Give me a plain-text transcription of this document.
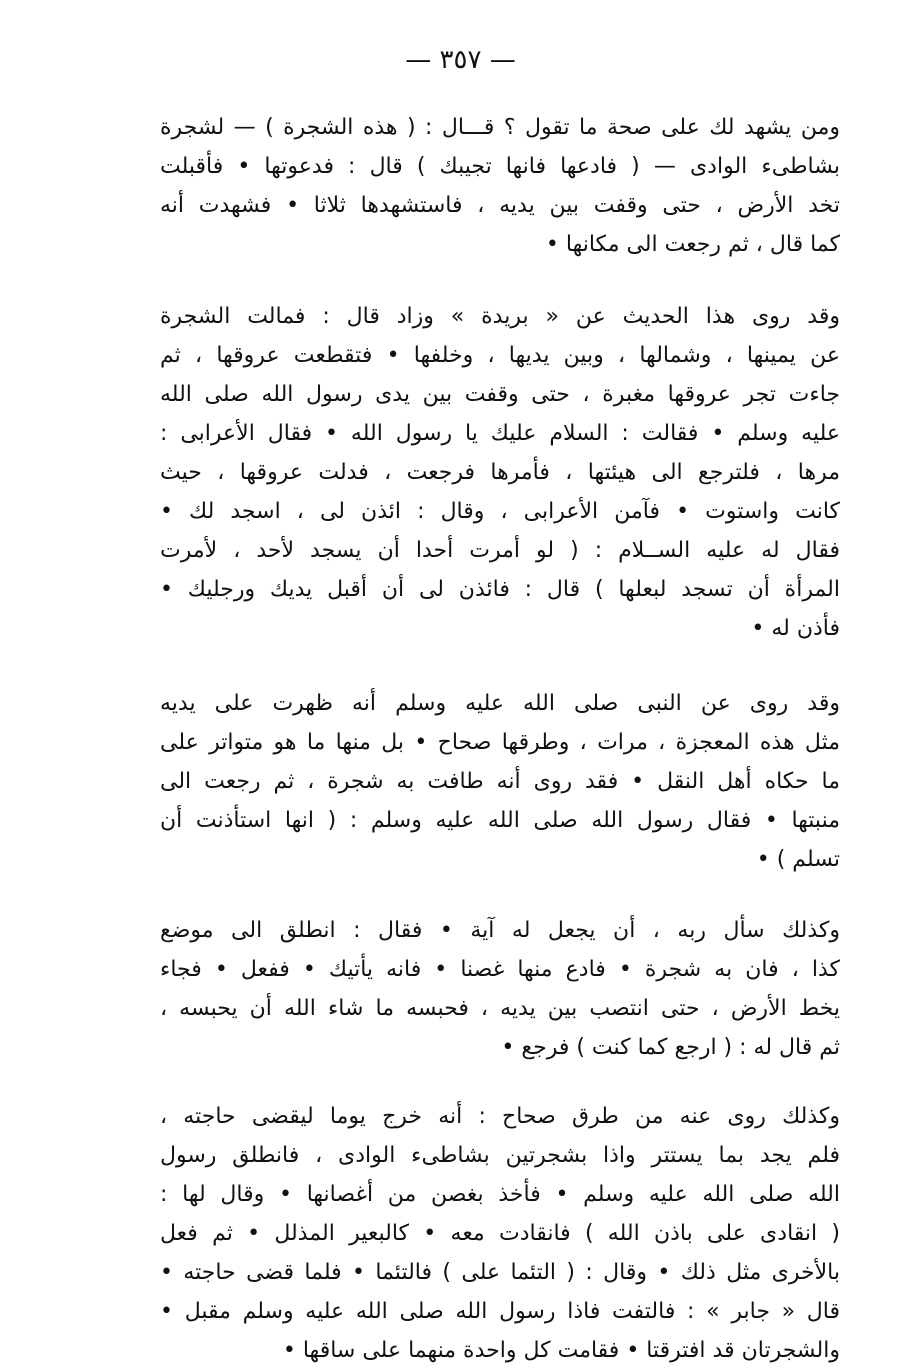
— ٣٥٧ —
ومن يشهد لك على صحة ما تقول ؟ قـــال : ( هذه الشجرة ) — لشجرة
بشاطىء الوادى — ( فادعها فانها تجيبك ) قال : فدعوتها • فأقبلت
تخد الأرض ، حتى وقفت بين يديه ، فاستشهدها ثلاثا • فشهدت أنه
كما قال ، ثم رجعت الى مكانها •
وقد روى هذا الحديث عن « بريدة » وزاد قال : فمالت الشجرة
عن يمينها ، وشمالها ، وبين يديها ، وخلفها • فتقطعت عروقها ، ثم
جاءت تجر عروقها مغبرة ، حتى وقفت بين يدى رسول الله صلى الله
عليه وسلم • فقالت : السلام عليك يا رسول الله • فقال الأعرابى :
مرها ، فلترجع الى هيئتها ، فأمرها فرجعت ، فدلت عروقها ، حيث
كانت واستوت • فآمن الأعرابى ، وقال : ائذن لى ، اسجد لك •
فقال له عليه الســلام : ( لو أمرت أحدا أن يسجد لأحد ، لأمرت
المرأة أن تسجد لبعلها ) قال : فائذن لى أن أقبل يديك ورجليك •
فأذن له •
وقد روى عن النبى صلى الله عليه وسلم أنه ظهرت على يديه
مثل هذه المعجزة ، مرات ، وطرقها صحاح • بل منها ما هو متواتر على
ما حكاه أهل النقل • فقد روى أنه طافت به شجرة ، ثم رجعت الى
منبتها • فقال رسول الله صلى الله عليه وسلم : ( انها استأذنت أن
تسلم ) •
وكذلك سأل ربه ، أن يجعل له آية • فقال : انطلق الى موضع
كذا ، فان به شجرة • فادع منها غصنا • فانه يأتيك • ففعل • فجاء
يخط الأرض ، حتى انتصب بين يديه ، فحبسه ما شاء الله أن يحبسه ،
ثم قال له : ( ارجع كما كنت ) فرجع •
وكذلك روى عنه من طرق صحاح : أنه خرج يوما ليقضى حاجته ،
فلم يجد بما يستتر واذا بشجرتين بشاطىء الوادى ، فانطلق رسول
الله صلى الله عليه وسلم • فأخذ بغصن من أغصانها • وقال لها :
( انقادى على باذن الله ) فانقادت معه • كالبعير المذلل • ثم فعل
بالأخرى مثل ذلك • وقال : ( التئما على ) فالتئما • فلما قضى حاجته •
قال « جابر » : فالتفت فاذا رسول الله صلى الله عليه وسلم مقبل •
والشجرتان قد افترقتا • فقامت كل واحدة منهما على ساقها •
